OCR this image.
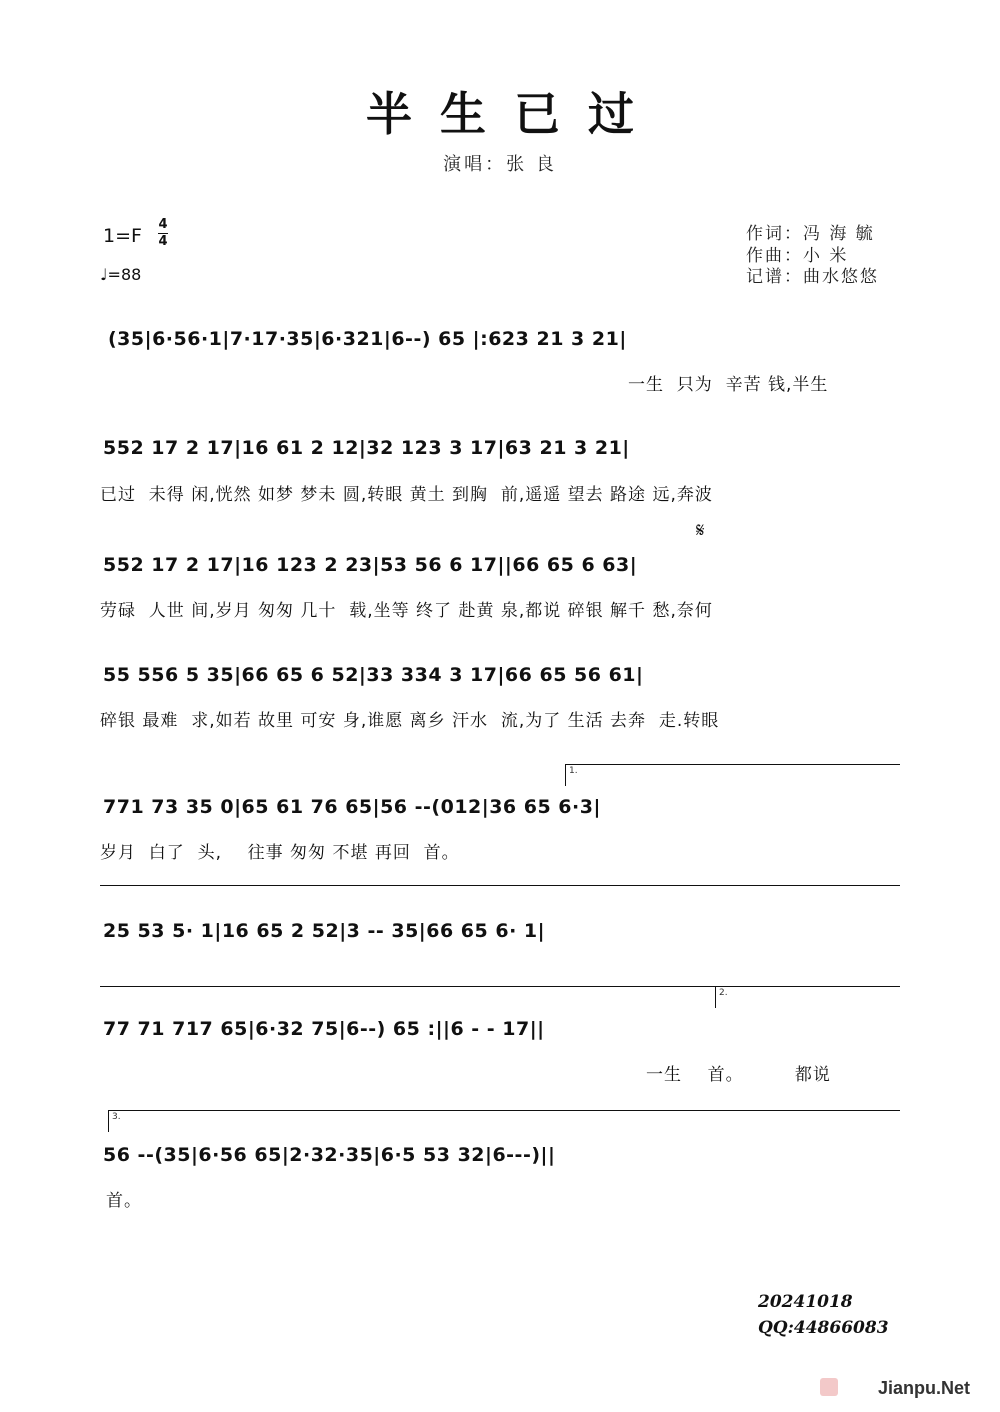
半生已过
演唱：张 良
1=F
4
4
♩=88
作词：冯 海 毓
作曲：小 米
记谱：曲水悠悠
(35|6·56·1|7·17·35|6·321|6--) 65 |:623 21 3 21|
一生  只为  辛苦 钱,半生
552 17 2 17|16 61 2 12|32 123 3 17|63 21 3 21|
已过  未得 闲,恍然 如梦 梦未 圆,转眼 黄土 到胸  前,遥遥 望去 路途 远,奔波
𝄋
552 17 2 17|16 123 2 23|53 56 6 17||66 65 6 63|
劳碌  人世 间,岁月 匆匆 几十  载,坐等 终了 赴黄 泉,都说 碎银 解千 愁,奈何
55 556 5 35|66 65 6 52|33 334 3 17|66 65 56 61|
碎银 最难  求,如若 故里 可安 身,谁愿 离乡 汗水  流,为了 生活 去奔  走.转眼
1.
771 73 35 0|65 61 76 65|56 --(012|36 65 6·3|
岁月  白了  头,    往事 匆匆 不堪 再回  首。
25 53 5· 1|16 65 2 52|3 -- 35|66 65 6· 1|
2.
77 71 717 65|6·32 75|6--) 65 :||6 - - 17||
一生    首。        都说
3.
56 --(35|6·56 65|2·32·35|6·5 53 32|6---)||
首。
20241018
QQ:44866083
Jianpu.Net
